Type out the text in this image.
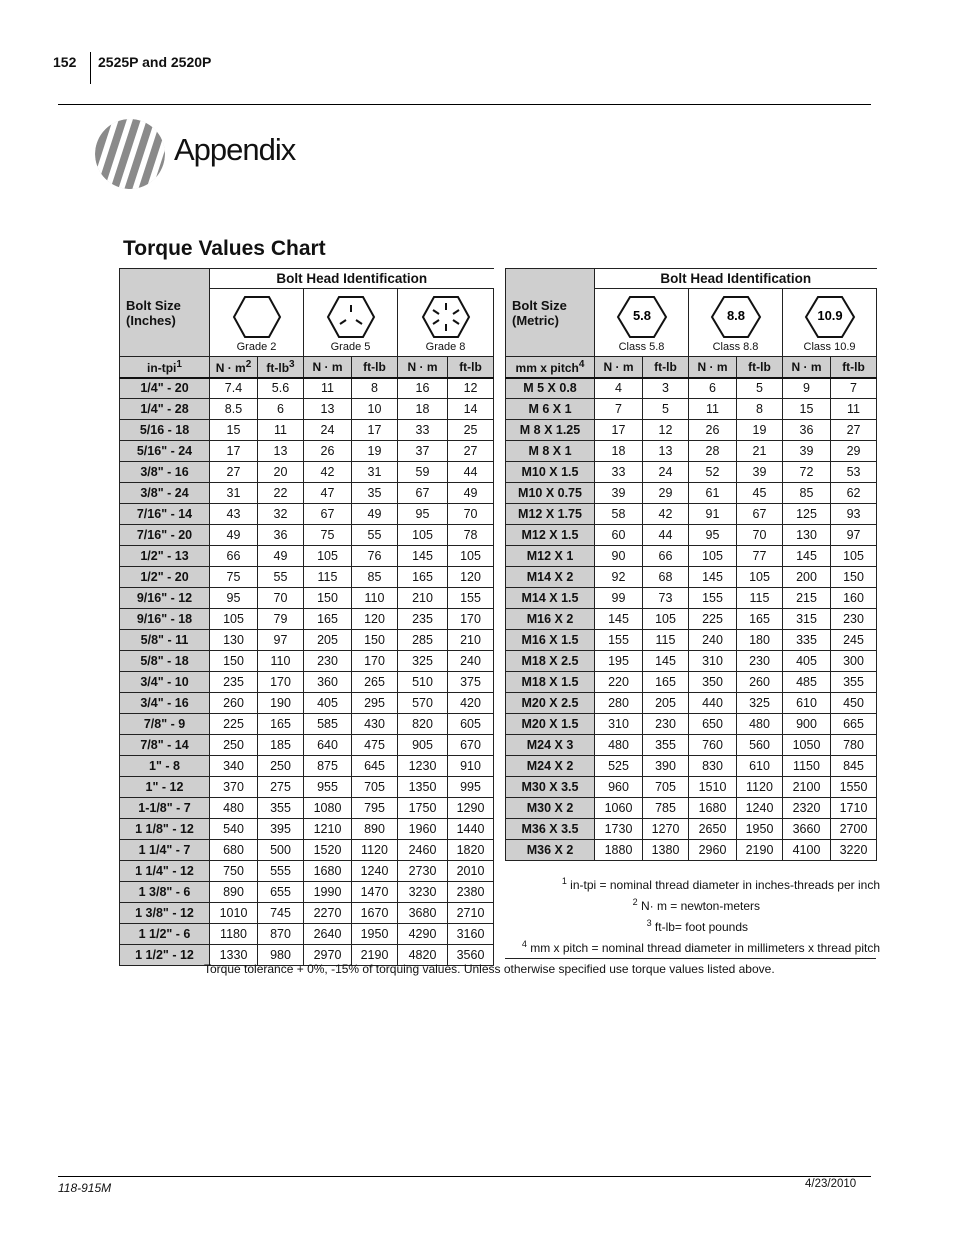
152 2525P and 2520P
Appendix
Torque Values Chart
Bolt Size
(Inches)	Bolt Head Identification					

Grade 2		Grade 5		Grade 8	
in-tpi$^1$	$N \cdot m^2$	$ft-lb^3$	N · m	ft-lb	N · m	ft-lb
1/4" - 20	7.4	5.6	11	8	16	12
1/4" - 28	8.5	6	13	10	18	14
5/16 - 18	15	11	24	17	33	25
5/16" - 24	17	13	26	19	37	27
3/8" - 16	27	20	42	31	59	44
3/8" - 24	31	22	47	35	67	49
7/16" - 14	43	32	67	49	95	70
7/16" - 20	49	36	75	55	105	78
1/2" - 13	66	49	105	76	145	105
1/2" - 20	75	55	115	85	165	120
9/16" - 12	95	70	150	110	210	155
9/16" - 18	105	79	165	120	235	170
5/8" - 11	130	97	205	150	285	210
5/8" - 18	150	110	230	170	325	240
3/4" - 10	235	170	360	265	510	375
3/4" - 16	260	190	405	295	570	420
7/8" - 9	225	165	585	430	820	605
7/8" - 14	250	185	640	475	905	670
1" - 8	340	250	875	645	1230	910
1" - 12	370	275	955	705	1350	995
1-1/8" - 7	480	355	1080	795	1750	1290
1 1/8" - 12	540	395	1210	890	1960	1440
1 1/4" - 7	680	500	1520	1120	2460	1820
1 1/4" - 12	750	555	1680	1240	2730	2010
1 3/8" - 6	890	655	1990	1470	3230	2380
1 3/8" - 12	1010	745	2270	1670	3680	2710
1 1/2" - 6	1180	870	2640	1950	4290	3160
1 1/2" - 12	1330	980	2970	2190	4820	3560
Bolt Size
(Metric)	Bolt Head Identification					

5.8
Class 5.8		8.8
Class 8.8		10.9
Class 10.9	
mm x pitch$^4$	N · m	ft-lb	N · m	ft-lb	N · m	ft-lb
M 5 X 0.8	4	3	6	5	9	7
M 6 X 1	7	5	11	8	15	11
M 8 X 1.25	17	12	26	19	36	27
M 8 X 1	18	13	28	21	39	29
M10 X 1.5	33	24	52	39	72	53
M10 X 0.75	39	29	61	45	85	62
M12 X 1.75	58	42	91	67	125	93
M12 X 1.5	60	44	95	70	130	97
M12 X 1	90	66	105	77	145	105
M14 X 2	92	68	145	105	200	150
M14 X 1.5	99	73	155	115	215	160
M16 X 2	145	105	225	165	315	230
M16 X 1.5	155	115	240	180	335	245
M18 X 2.5	195	145	310	230	405	300
M18 X 1.5	220	165	350	260	485	355
M20 X 2.5	280	205	440	325	610	450
M20 X 1.5	310	230	650	480	900	665
M24 X 3	480	355	760	560	1050	780
M24 X 2	525	390	830	610	1150	845
M30 X 3.5	960	705	1510	1120	2100	1550
M30 X 2	1060	785	1680	1240	2320	1710
M36 X 3.5	1730	1270	2650	1950	3660	2700
M36 X 2	1880	1380	2960	2190	4100	3220
$^1$ in-tpi = nominal thread diameter in inches-threads per inch
$^2$ N· m = newton-meters
$^3$ ft-lb= foot pounds
$^4$ mm x pitch = nominal thread diameter in millimeters x thread pitch
Torque tolerance + 0%, -15% of torquing values. Unless otherwise specified use torque values listed above.
118-915M	4/23/2010
